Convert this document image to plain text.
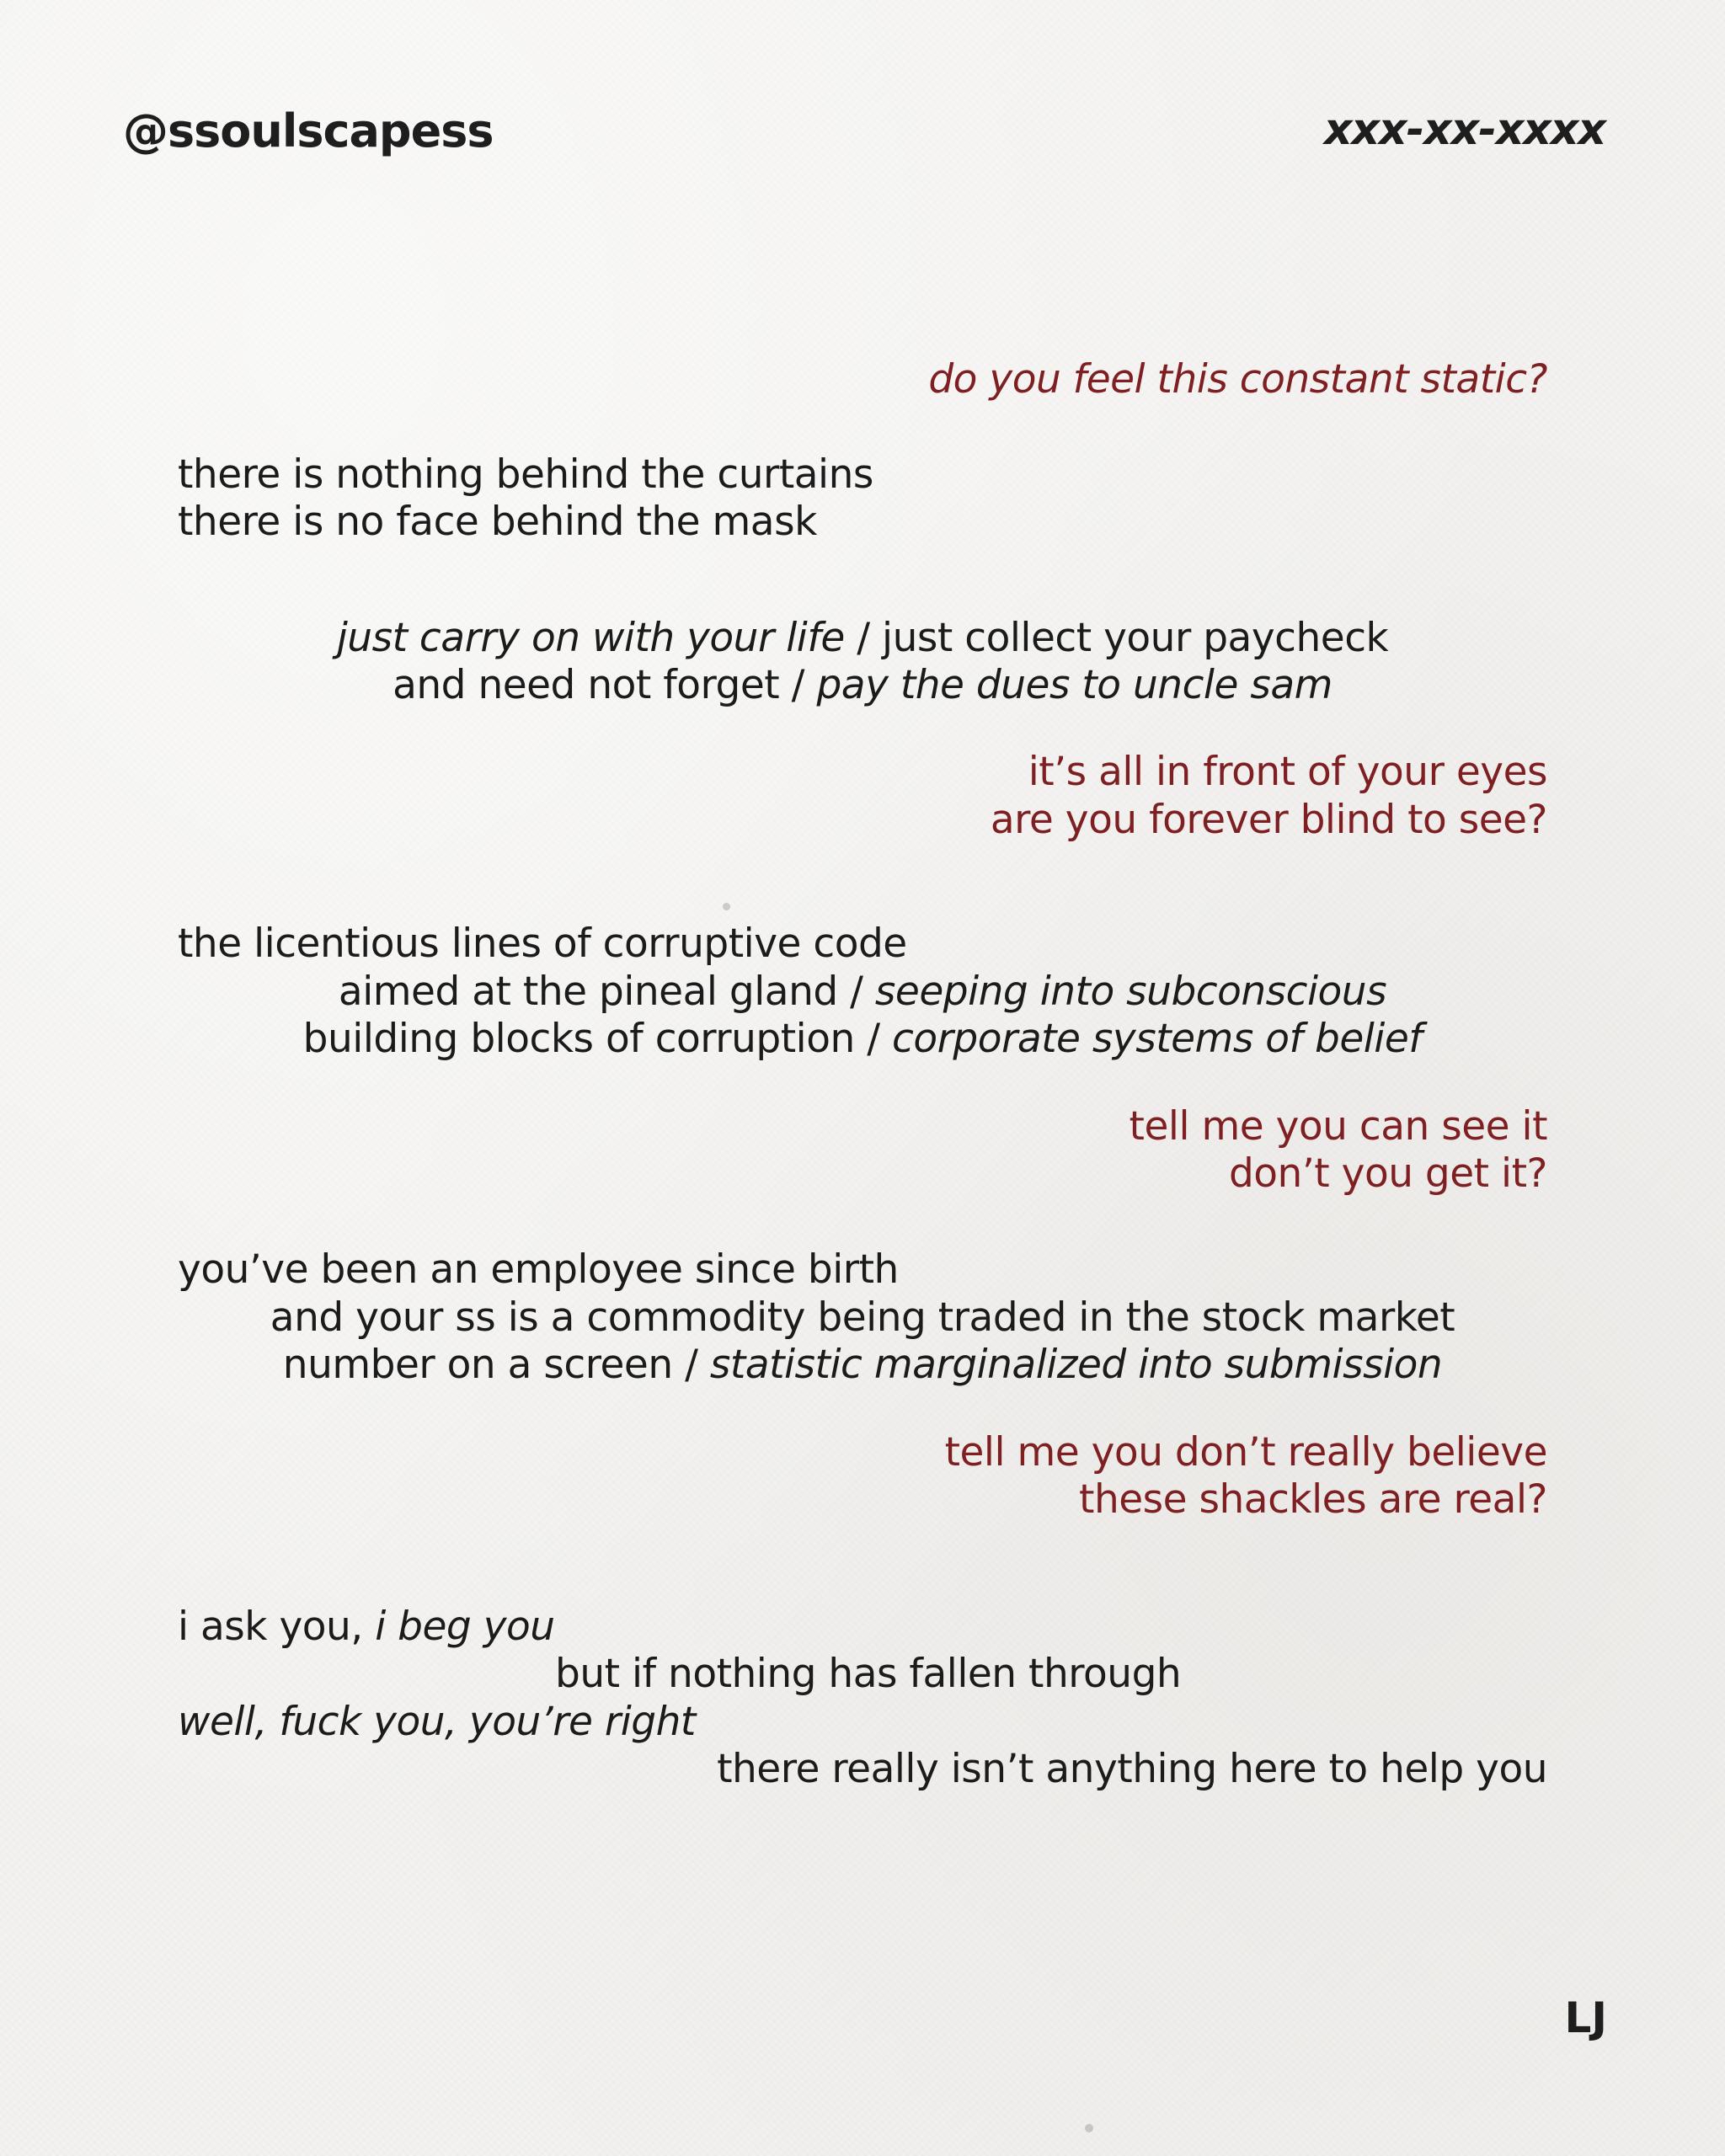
@ssoulscapess	xxx-xx-xxxx
do you feel this constant static?
there is nothing behind the curtains
there is no face behind the mask
just carry on with your life / just collect your paycheck
and need not forget / pay the dues to uncle sam
it’s all in front of your eyes
are you forever blind to see?
the licentious lines of corruptive code
aimed at the pineal gland / seeping into subconscious
building blocks of corruption / corporate systems of belief
tell me you can see it
don’t you get it?
you’ve been an employee since birth
and your ss is a commodity being traded in the stock market
number on a screen / statistic marginalized into submission
tell me you don’t really believe
these shackles are real?
i ask you, i beg you
but if nothing has fallen through
well, fuck you, you’re right
there really isn’t anything here to help you
LJ
